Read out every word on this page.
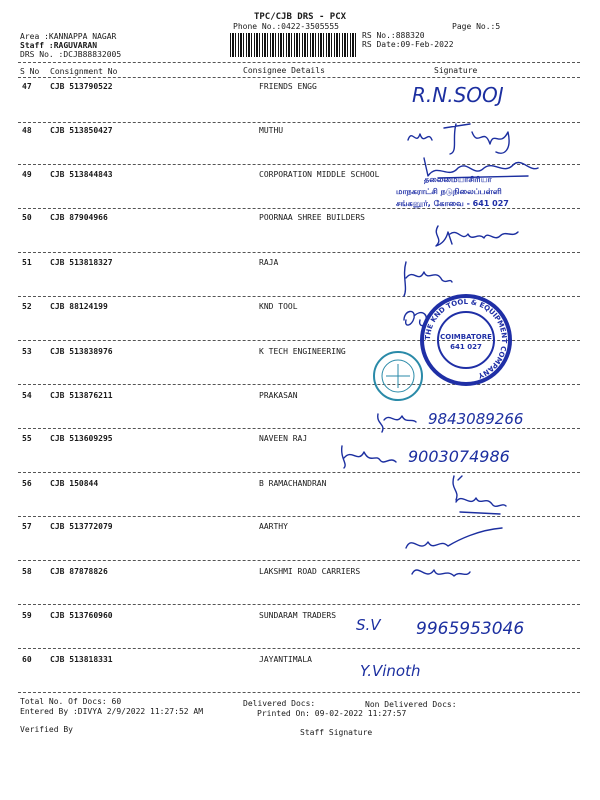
TPC/CJB DRS - PCX
Phone No.:0422-3505555	Page No.:5
Area :KANNAPPA NAGAR
Staff :RAGUVARAN
DRS No. :DCJB88832005
RS No.:888320
RS Date:09-Feb-2022
S No Consignment No	Consignee Details	Signature
47 CJB 513790522	FRIENDS ENGG
48 CJB 513850427	MUTHU
49 CJB 513844843	CORPORATION MIDDLE SCHOOL
50 CJB 87904966	POORNAA SHREE BUILDERS
51 CJB 513818327	RAJA
52 CJB 88124199	KND TOOL
53 CJB 513838976	K TECH ENGINEERING
54 CJB 513876211	PRAKASAN
55 CJB 513609295	NAVEEN RAJ
56 CJB 150844	B RAMACHANDRAN
57 CJB 513772079	AARTHY
58 CJB 87878826	LAKSHMI ROAD CARRIERS
59 CJB 513760960	SUNDARAM TRADERS
60 CJB 513818331	JAYANTIMALA
Total No. Of Docs: 60	Delivered Docs:	Non Delivered Docs:
Entered By :DIVYA 2/9/2022 11:27:52 AM	Printed On: 09-02-2022 11:27:57
Verified By	Staff Signature
R.N.SOOJ
தலைமையாசிரியர்
மாநகராட்சி நடுநிலைப்பள்ளி
சங்கனூர், கோவை - 641 027
THE KND TOOL & EQUIPMENT COMPANY
COIMBATORE
641 027
9843089266
9003074986
S.V 9965953046
Y.Vinoth
